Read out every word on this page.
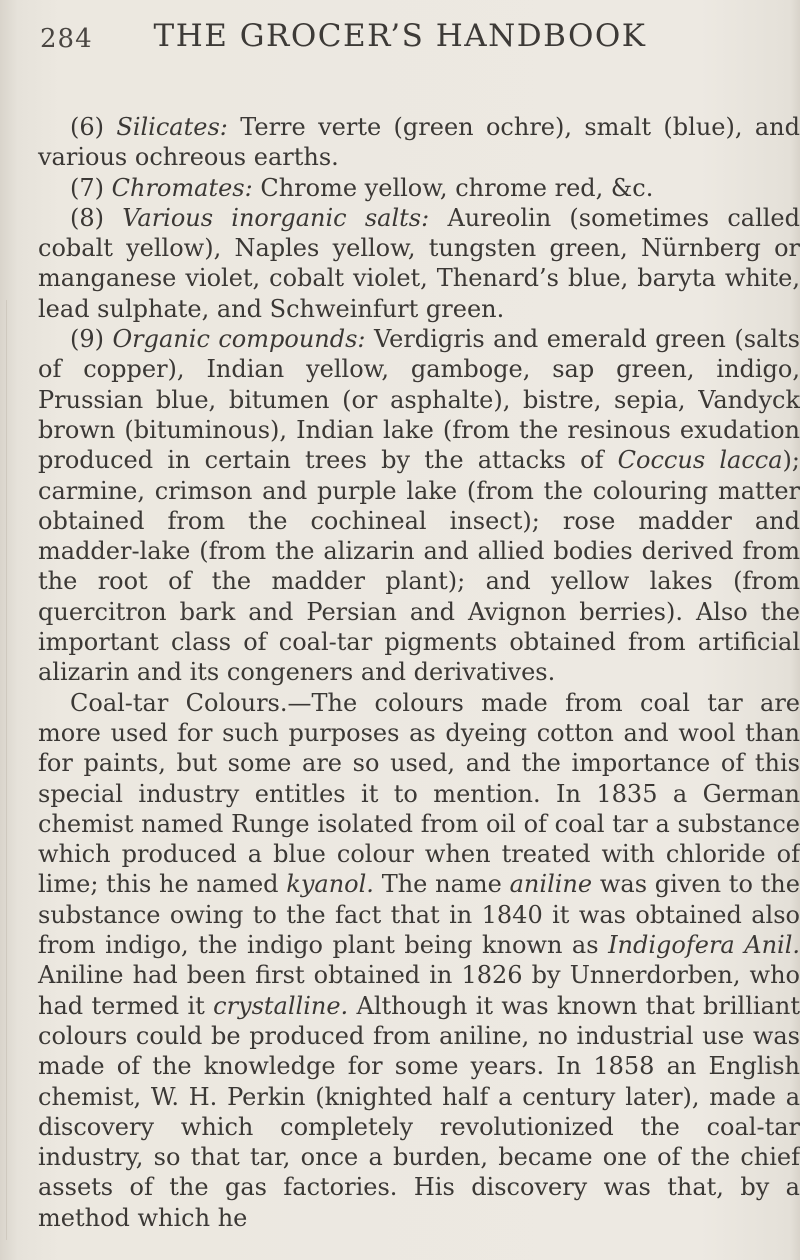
284	THE GROCER’S HANDBOOK

(6) Silicates: Terre verte (green ochre), smalt (blue), and various ochreous earths.

(7) Chromates: Chrome yellow, chrome red, &c.

(8) Various inorganic salts: Aureolin (sometimes called cobalt yellow), Naples yellow, tungsten green, Nürnberg or manganese violet, cobalt violet, Thenard’s blue, baryta white, lead sulphate, and Schweinfurt green.

(9) Organic compounds: Verdigris and emerald green (salts of copper), Indian yellow, gamboge, sap green, indigo, Prussian blue, bitumen (or asphalte), bistre, sepia, Vandyck brown (bituminous), Indian lake (from the resinous exudation produced in certain trees by the attacks of Coccus lacca); carmine, crimson and purple lake (from the colouring matter obtained from the cochineal insect); rose madder and madder-lake (from the alizarin and allied bodies derived from the root of the madder plant); and yellow lakes (from quercitron bark and Persian and Avignon berries). Also the important class of coal-tar pigments obtained from artificial alizarin and its congeners and derivatives.

Coal-tar Colours.—The colours made from coal tar are more used for such purposes as dyeing cotton and wool than for paints, but some are so used, and the importance of this special industry entitles it to mention. In 1835 a German chemist named Runge isolated from oil of coal tar a substance which produced a blue colour when treated with chloride of lime; this he named kyanol. The name aniline was given to the substance owing to the fact that in 1840 it was obtained also from indigo, the indigo plant being known as Indigofera Anil. Aniline had been first obtained in 1826 by Unnerdorben, who had termed it crystalline. Although it was known that brilliant colours could be produced from aniline, no industrial use was made of the knowledge for some years. In 1858 an English chemist, W. H. Perkin (knighted half a century later), made a discovery which completely revolutionized the coal-tar industry, so that tar, once a burden, became one of the chief assets of the gas factories. His discovery was that, by a method which he
